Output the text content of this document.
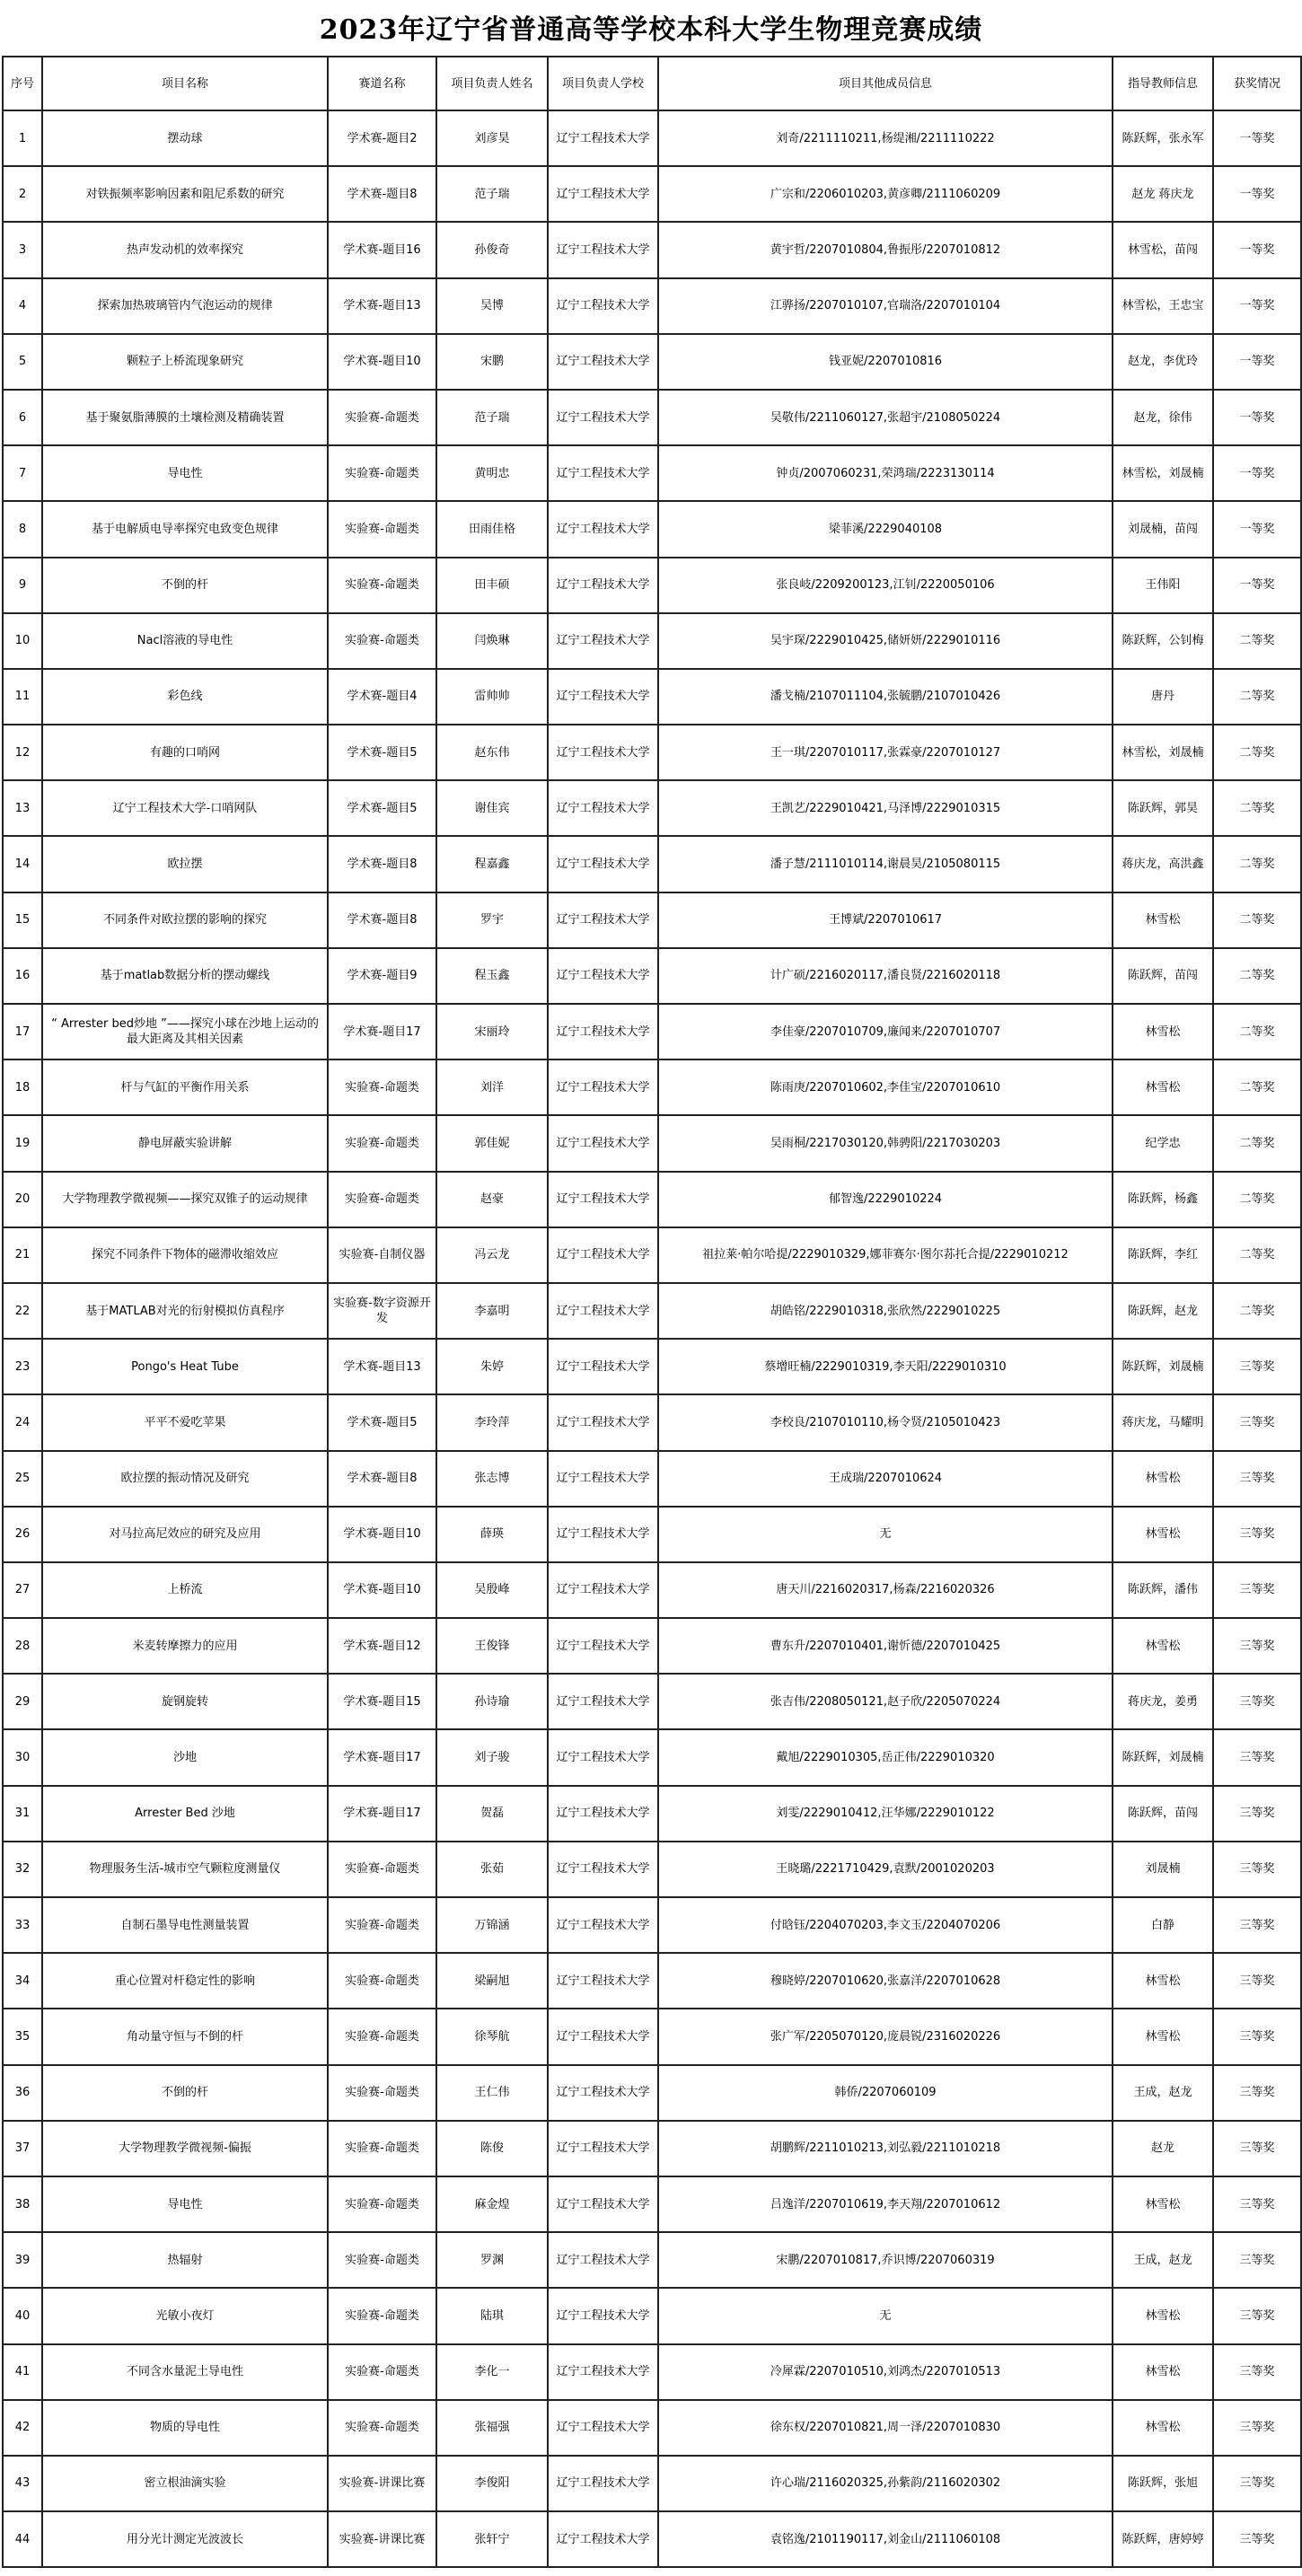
2023年辽宁省普通高等学校本科大学生物理竞赛成绩
序号	项目名称	赛道名称	项目负责人姓名	项目负责人学校	项目其他成员信息	指导教师信息	获奖情况
1	摆动球	学术赛-题目2	刘彦昊	辽宁工程技术大学	刘奇/2211110211,杨缇湘/2211110222	陈跃辉，张永军	一等奖
2	对铁振频率影响因素和阻尼系数的研究	学术赛-题目8	范子瑞	辽宁工程技术大学	广宗和/2206010203,黄彦卿/2111060209	赵龙 蒋庆龙	一等奖
3	热声发动机的效率探究	学术赛-题目16	孙俊奇	辽宁工程技术大学	黄宇哲/2207010804,鲁振彤/2207010812	林雪松，苗闯	一等奖
4	探索加热玻璃管内气泡运动的规律	学术赛-题目13	吴博	辽宁工程技术大学	江骅扬/2207010107,官瑞洛/2207010104	林雪松，王忠宝	一等奖
5	颗粒子上桥流现象研究	学术赛-题目10	宋鹏	辽宁工程技术大学	钱亚妮/2207010816	赵龙，李优玲	一等奖
6	基于聚氨脂薄膜的土壤检测及精确装置	实验赛-命题类	范子瑞	辽宁工程技术大学	吴敬伟/2211060127,张超宇/2108050224	赵龙，徐伟	一等奖
7	导电性	实验赛-命题类	黄明忠	辽宁工程技术大学	钟贞/2007060231,荣鸿瑞/2223130114	林雪松，刘晟楠	一等奖
8	基于电解质电导率探究电致变色规律	实验赛-命题类	田雨佳格	辽宁工程技术大学	梁菲溪/2229040108	刘晟楠，苗闯	一等奖
9	不倒的杆	实验赛-命题类	田丰硕	辽宁工程技术大学	张良岐/2209200123,江钊/2220050106	王伟阳	一等奖
10	Nacl溶液的导电性	实验赛-命题类	闫焕琳	辽宁工程技术大学	吴宇琛/2229010425,储妍妍/2229010116	陈跃辉，公钊梅	二等奖
11	彩色线	学术赛-题目4	雷帅帅	辽宁工程技术大学	潘戈楠/2107011104,张毓鹏/2107010426	唐丹	二等奖
12	有趣的口哨网	学术赛-题目5	赵东伟	辽宁工程技术大学	王一琪/2207010117,张霖豪/2207010127	林雪松，刘晟楠	二等奖
13	辽宁工程技术大学-口哨网队	学术赛-题目5	谢佳宾	辽宁工程技术大学	王凯艺/2229010421,马泽博/2229010315	陈跃辉，郭昊	二等奖
14	欧拉摆	学术赛-题目8	程嘉鑫	辽宁工程技术大学	潘子慧/2111010114,谢晨昊/2105080115	蒋庆龙，高洪鑫	二等奖
15	不同条件对欧拉摆的影响的探究	学术赛-题目8	罗宇	辽宁工程技术大学	王博斌/2207010617	林雪松	二等奖
16	基于matlab数据分析的摆动螺线	学术赛-题目9	程玉鑫	辽宁工程技术大学	计广硕/2216020117,潘良贤/2216020118	陈跃辉，苗闯	二等奖
17	“ Arrester bed炒地 ”——探究小球在沙地上运动的最大距离及其相关因素	学术赛-题目17	宋丽玲	辽宁工程技术大学	李佳豪/2207010709,廉闻来/2207010707	林雪松	二等奖
18	杆与气缸的平衡作用关系	实验赛-命题类	刘洋	辽宁工程技术大学	陈雨庚/2207010602,李佳宝/2207010610	林雪松	二等奖
19	静电屏蔽实验讲解	实验赛-命题类	郭佳妮	辽宁工程技术大学	吴雨桐/2217030120,韩骋阳/2217030203	纪学忠	二等奖
20	大学物理教学微视频——探究双锥子的运动规律	实验赛-命题类	赵豪	辽宁工程技术大学	郁智逸/2229010224	陈跃辉，杨鑫	二等奖
21	探究不同条件下物体的磁滞收缩效应	实验赛-自制仪器	冯云龙	辽宁工程技术大学	祖拉莱·帕尔哈提/2229010329,娜菲赛尔·图尔荪托合提/2229010212	陈跃辉，李红	二等奖
22	基于MATLAB对光的衍射模拟仿真程序	实验赛-数字资源开发	李嘉明	辽宁工程技术大学	胡皓铭/2229010318,张欣然/2229010225	陈跃辉，赵龙	二等奖
23	Pongo's Heat Tube	学术赛-题目13	朱婷	辽宁工程技术大学	蔡增旺楠/2229010319,李天阳/2229010310	陈跃辉，刘晟楠	三等奖
24	平平不爱吃苹果	学术赛-题目5	李玲萍	辽宁工程技术大学	李校良/2107010110,杨令贤/2105010423	蒋庆龙，马耀明	三等奖
25	欧拉摆的振动情况及研究	学术赛-题目8	张志博	辽宁工程技术大学	王成瑞/2207010624	林雪松	三等奖
26	对马拉高尼效应的研究及应用	学术赛-题目10	薛瑛	辽宁工程技术大学	无	林雪松	三等奖
27	上桥流	学术赛-题目10	吴殷峰	辽宁工程技术大学	唐天川/2216020317,杨森/2216020326	陈跃辉，潘伟	三等奖
28	米麦转摩擦力的应用	学术赛-题目12	王俊锋	辽宁工程技术大学	曹东升/2207010401,谢忻德/2207010425	林雪松	三等奖
29	旋钢旋转	学术赛-题目15	孙诗瑜	辽宁工程技术大学	张吉伟/2208050121,赵子欣/2205070224	蒋庆龙，姜勇	三等奖
30	沙地	学术赛-题目17	刘子骏	辽宁工程技术大学	戴旭/2229010305,岳正伟/2229010320	陈跃辉，刘晟楠	三等奖
31	Arrester Bed 沙地	学术赛-题目17	贺磊	辽宁工程技术大学	刘雯/2229010412,汪华娜/2229010122	陈跃辉，苗闯	三等奖
32	物理服务生活-城市空气颗粒度测量仪	实验赛-命题类	张茹	辽宁工程技术大学	王晓璐/2221710429,袁默/2001020203	刘晟楠	三等奖
33	自制石墨导电性测量装置	实验赛-命题类	万锦涵	辽宁工程技术大学	付晗钰/2204070203,李文玉/2204070206	白静	三等奖
34	重心位置对杆稳定性的影响	实验赛-命题类	梁嗣旭	辽宁工程技术大学	穆晓婷/2207010620,张嘉洋/2207010628	林雪松	三等奖
35	角动量守恒与不倒的杆	实验赛-命题类	徐琴航	辽宁工程技术大学	张广军/2205070120,庞晨锐/2316020226	林雪松	三等奖
36	不倒的杆	实验赛-命题类	王仁伟	辽宁工程技术大学	韩侨/2207060109	王成，赵龙	三等奖
37	大学物理教学微视频-偏振	实验赛-命题类	陈俊	辽宁工程技术大学	胡鹏辉/2211010213,刘弘毅/2211010218	赵龙	三等奖
38	导电性	实验赛-命题类	麻金煌	辽宁工程技术大学	吕逸洋/2207010619,李天翔/2207010612	林雪松	三等奖
39	热辐射	实验赛-命题类	罗渊	辽宁工程技术大学	宋鹏/2207010817,乔识博/2207060319	王成，赵龙	三等奖
40	光敏小夜灯	实验赛-命题类	陆琪	辽宁工程技术大学	无	林雪松	三等奖
41	不同含水量泥土导电性	实验赛-命题类	李化一	辽宁工程技术大学	冷犀霖/2207010510,刘鸿杰/2207010513	林雪松	三等奖
42	物质的导电性	实验赛-命题类	张福强	辽宁工程技术大学	徐东权/2207010821,周一泽/2207010830	林雪松	三等奖
43	密立根油滴实验	实验赛-讲课比赛	李俊阳	辽宁工程技术大学	许心瑞/2116020325,孙紫韵/2116020302	陈跃辉，张旭	三等奖
44	用分光计测定光波波长	实验赛-讲课比赛	张轩宁	辽宁工程技术大学	袁铭逸/2101190117,刘金山/2111060108	陈跃辉，唐婷婷	三等奖
